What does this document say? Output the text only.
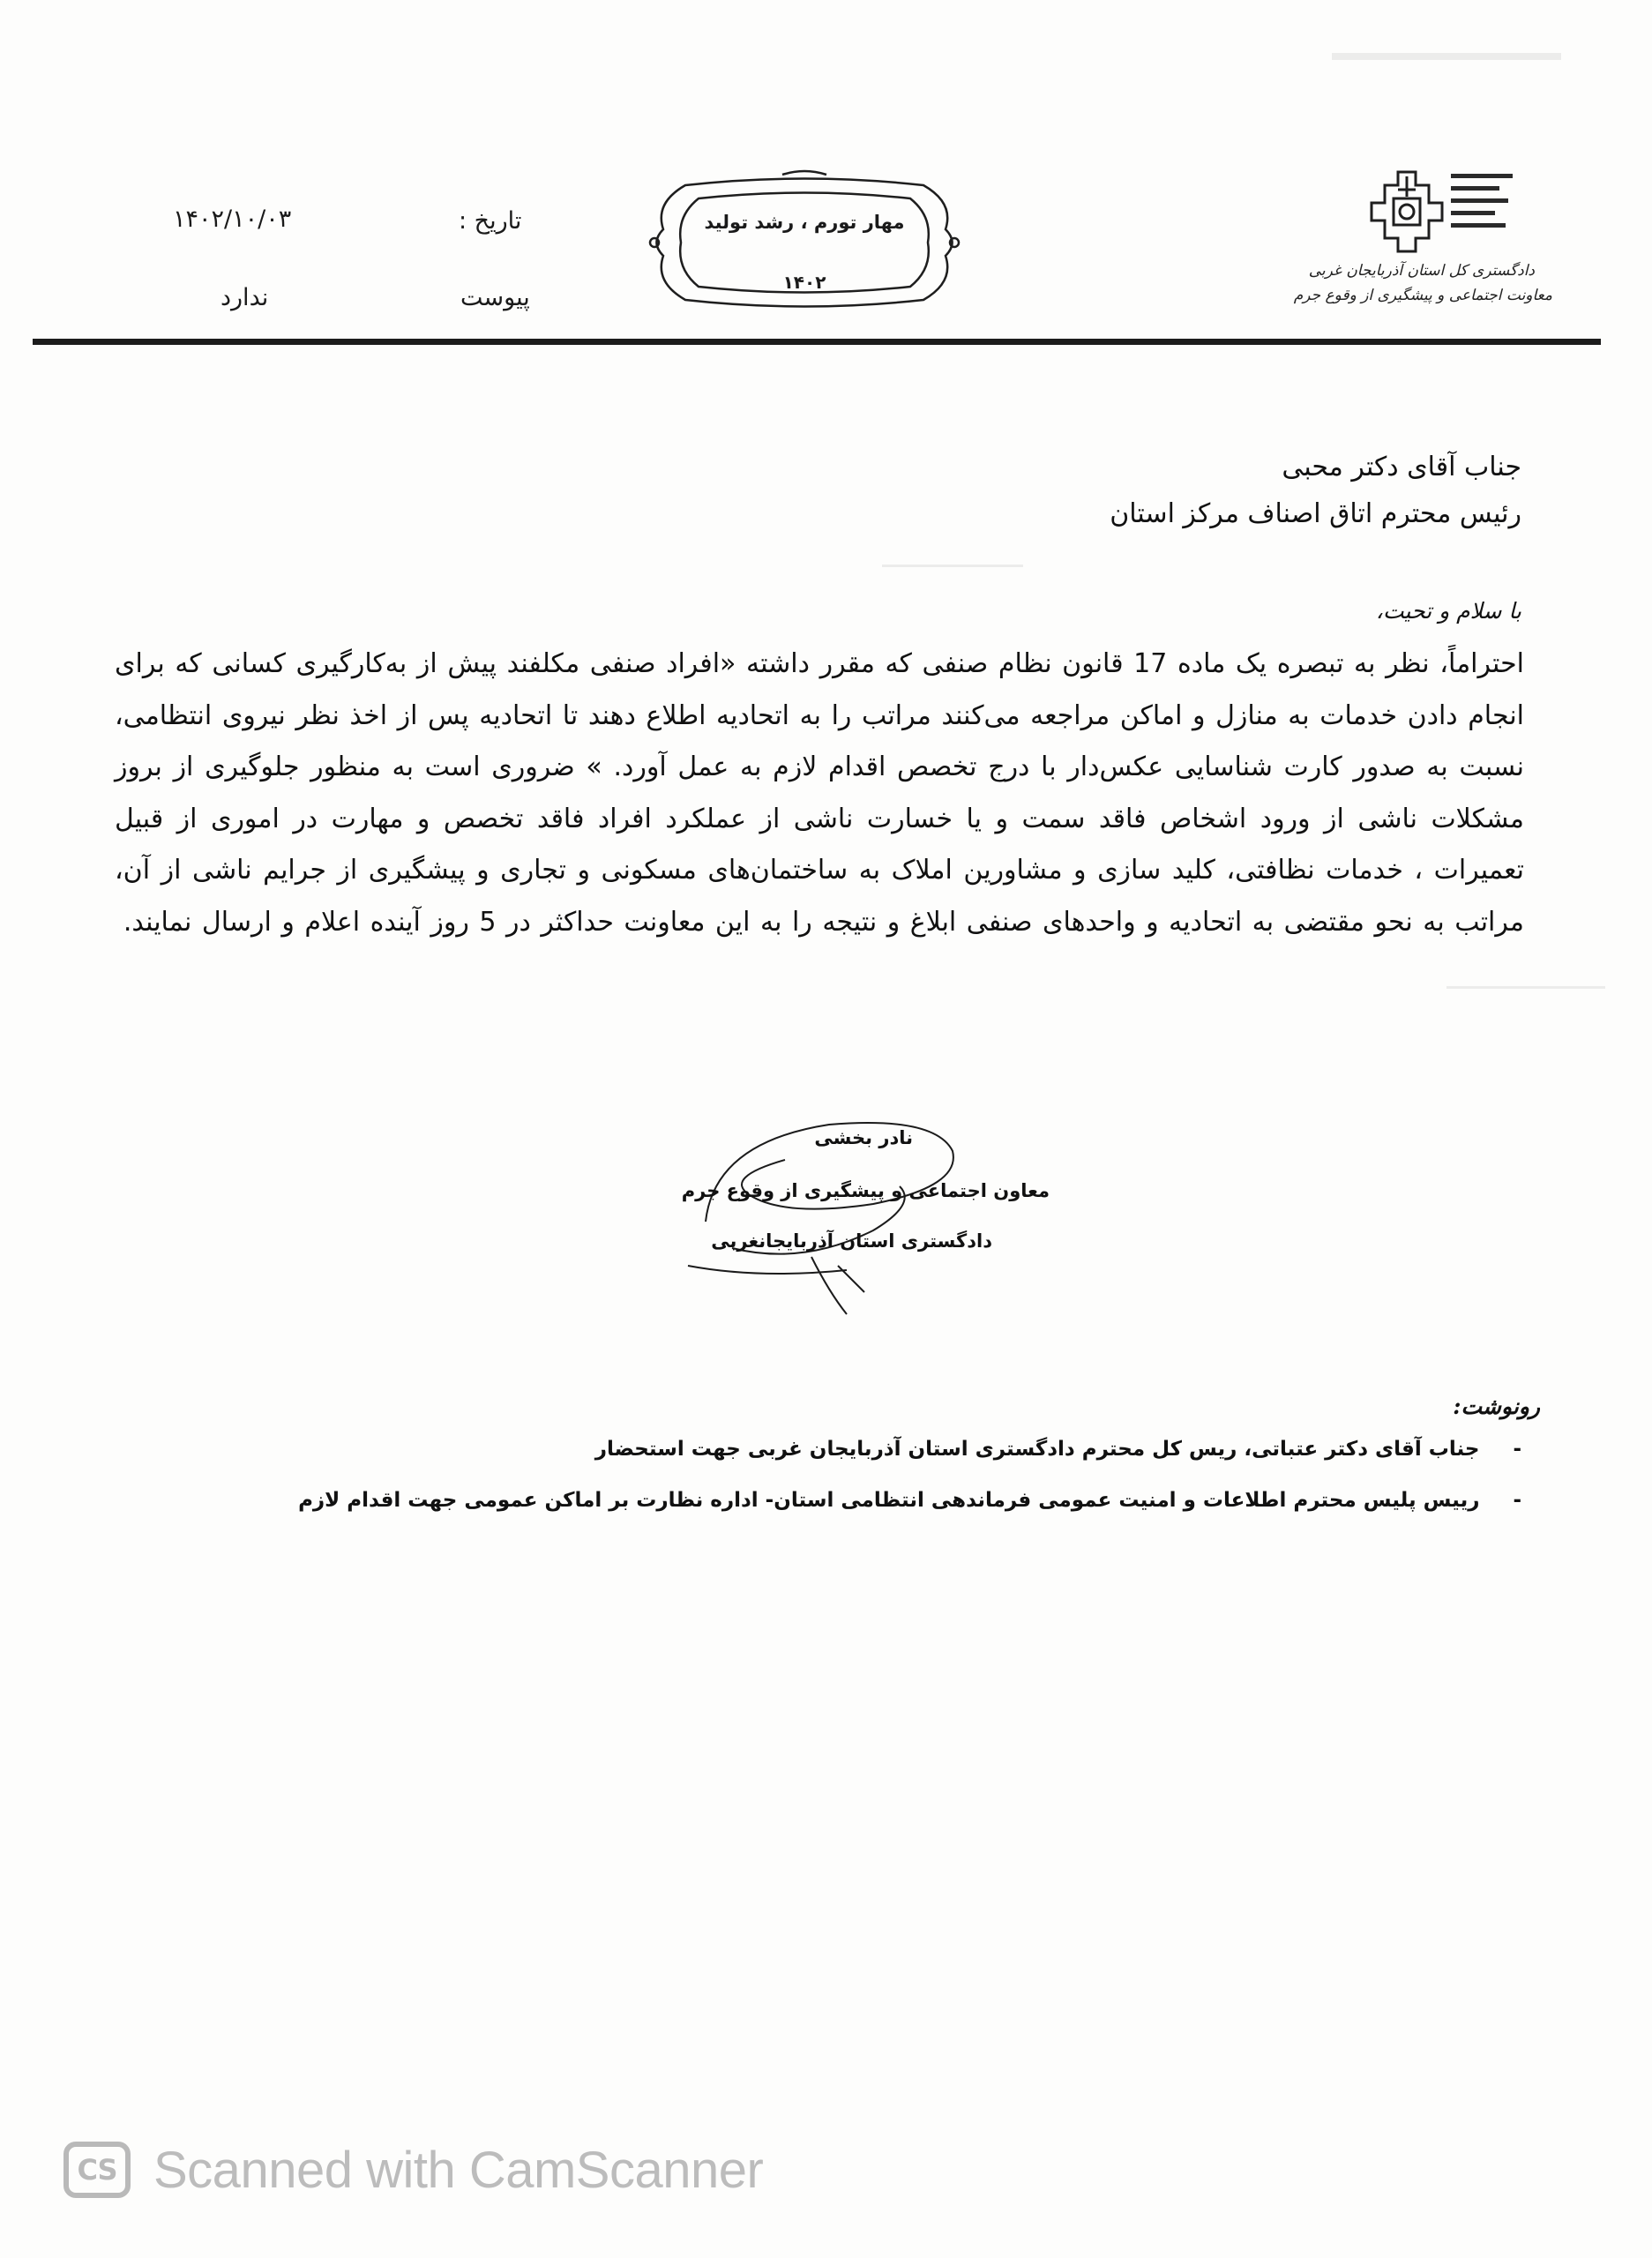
دادگستری کل استان آذربایجان غربی
معاونت اجتماعی و پیشگیری از وقوع جرم
مهار تورم ، رشد تولید
۱۴۰۲
تاریخ :
۱۴۰۲/۱۰/۰۳
پیوست
ندارد
جناب آقای دکتر محبی
رئیس محترم اتاق اصناف مرکز استان
با سلام و تحیت،
احتراماً، نظر به تبصره یک ماده 17 قانون نظام صنفی که مقرر داشته «افراد صنفی مکلفند پیش از به‌کارگیری کسانی که برای انجام دادن خدمات به منازل و اماکن مراجعه می‌کنند مراتب را به اتحادیه اطلاع دهند تا اتحادیه پس از اخذ نظر نیروی انتظامی، نسبت به صدور کارت شناسایی عکس‌دار با درج تخصص اقدام لازم به عمل آورد. » ضروری است به منظور جلوگیری از بروز مشکلات ناشی از ورود اشخاص فاقد سمت و یا خسارت ناشی از عملکرد افراد فاقد تخصص و مهارت در اموری از قبیل تعمیرات ، خدمات نظافتی، کلید سازی و مشاورین املاک به ساختمان‌های مسکونی و تجاری و پیشگیری از جرایم ناشی از آن، مراتب به نحو مقتضی به اتحادیه و واحدهای صنفی ابلاغ و نتیجه را به این معاونت حداکثر در 5 روز آینده اعلام و ارسال نمایند.
نادر بخشی
معاون اجتماعی و پیشگیری از وقوع جرم
دادگستری استان آذربایجانغربی
رونوشت:
-جناب آقای دکتر عتباتی، ریس کل محترم دادگستری استان آذربایجان غربی جهت استحضار
-رییس پلیس محترم اطلاعات و امنیت عمومی فرماندهی انتظامی استان- اداره نظارت بر اماکن عمومی جهت اقدام لازم
CS Scanned with CamScanner
